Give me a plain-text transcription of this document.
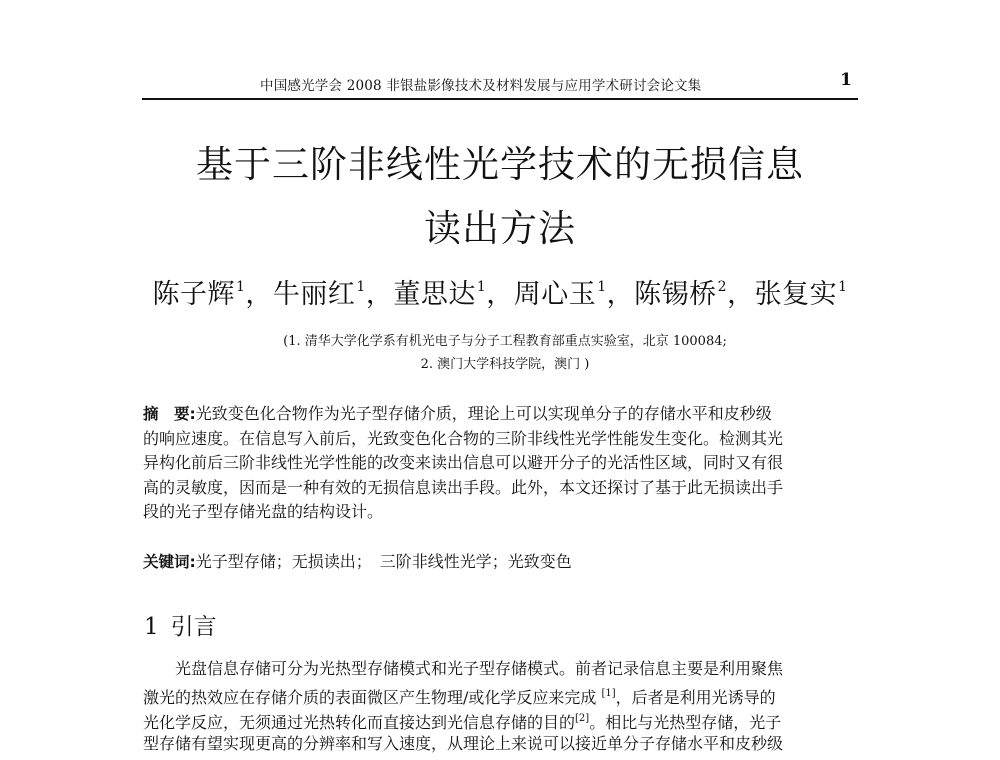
中国感光学会 2008 非银盐影像技术及材料发展与应用学术研讨会论文集	1
基于三阶非线性光学技术的无损信息
读出方法
陈子辉$^1$，牛丽红$^1$，董思达$^1$，周心玉$^1$，陈锡桥$^2$，张复实$^1$
(1. 清华大学化学系有机光电子与分子工程教育部重点实验室，北京 100084;
2. 澳门大学科技学院，澳门 )
摘　要:光致变色化合物作为光子型存储介质，理论上可以实现单分子的存储水平和皮秒级
的响应速度。在信息写入前后，光致变色化合物的三阶非线性光学性能发生变化。检测其光
异构化前后三阶非线性光学性能的改变来读出信息可以避开分子的光活性区域，同时又有很
高的灵敏度，因而是一种有效的无损信息读出手段。此外，本文还探讨了基于此无损读出手
段的光子型存储光盘的结构设计。
关键词:光子型存储；无损读出；　三阶非线性光学；光致变色
1 引言
光盘信息存储可分为光热型存储模式和光子型存储模式。前者记录信息主要是利用聚焦
激光的热效应在存储介质的表面微区产生物理/或化学反应来完成 [1]，后者是利用光诱导的
光化学反应，无须通过光热转化而直接达到光信息存储的目的[2]。相比与光热型存储，光子
型存储有望实现更高的分辨率和写入速度，从理论上来说可以接近单分子存储水平和皮秒级
